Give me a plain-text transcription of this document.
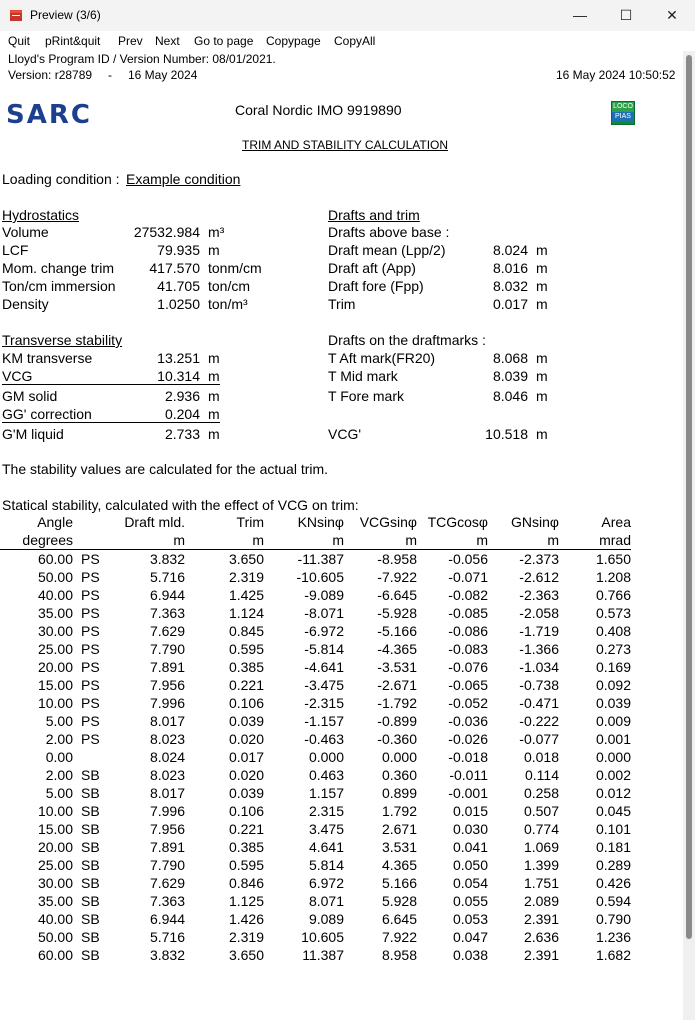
Preview (3/6)	—	☐	✕
Quit pRint&quit Prev Next Go to page Copypage CopyAll
Lloyd's Program ID / Version Number: 08/01/2021.
Version: r28789 - 16 May 2024	16 May 2024 10:50:52
SARC	Coral Nordic IMO 9919890	LOCO
PIAS
TRIM AND STABILITY CALCULATION
Loading condition : Example condition
Hydrostatics
Volume	27532.984 m³
LCF	79.935 m
Mom. change trim	417.570 tonm/cm
Ton/cm immersion	41.705 ton/cm
Density	1.0250 ton/m³
Drafts and trim
Drafts above base :
Draft mean (Lpp/2)	8.024 m
Draft aft (App)	8.016 m
Draft fore (Fpp)	8.032 m
Trim	0.017 m
Transverse stability
KM transverse	13.251 m
VCG	10.314 m
GM solid	2.936 m
GG' correction	0.204 m
G'M liquid	2.733 m
Drafts on the draftmarks :
T Aft mark(FR20)	8.068 m
T Mid mark	8.039 m
T Fore mark	8.046 m
VCG'	10.518 m
The stability values are calculated for the actual trim.
Statical stability, calculated with the effect of VCG on trim:
Angle		Draft mld.	Trim	KNsinφ	VCGsinφ	TCGcosφ	GNsinφ	Area
degrees		m	m	m	m	m	m	mrad
60.00	PS	3.832	3.650	-11.387	-8.958	-0.056	-2.373	1.650
50.00	PS	5.716	2.319	-10.605	-7.922	-0.071	-2.612	1.208
40.00	PS	6.944	1.425	-9.089	-6.645	-0.082	-2.363	0.766
35.00	PS	7.363	1.124	-8.071	-5.928	-0.085	-2.058	0.573
30.00	PS	7.629	0.845	-6.972	-5.166	-0.086	-1.719	0.408
25.00	PS	7.790	0.595	-5.814	-4.365	-0.083	-1.366	0.273
20.00	PS	7.891	0.385	-4.641	-3.531	-0.076	-1.034	0.169
15.00	PS	7.956	0.221	-3.475	-2.671	-0.065	-0.738	0.092
10.00	PS	7.996	0.106	-2.315	-1.792	-0.052	-0.471	0.039
5.00	PS	8.017	0.039	-1.157	-0.899	-0.036	-0.222	0.009
2.00	PS	8.023	0.020	-0.463	-0.360	-0.026	-0.077	0.001
0.00		8.024	0.017	0.000	0.000	-0.018	0.018	0.000
2.00	SB	8.023	0.020	0.463	0.360	-0.011	0.114	0.002
5.00	SB	8.017	0.039	1.157	0.899	-0.001	0.258	0.012
10.00	SB	7.996	0.106	2.315	1.792	0.015	0.507	0.045
15.00	SB	7.956	0.221	3.475	2.671	0.030	0.774	0.101
20.00	SB	7.891	0.385	4.641	3.531	0.041	1.069	0.181
25.00	SB	7.790	0.595	5.814	4.365	0.050	1.399	0.289
30.00	SB	7.629	0.846	6.972	5.166	0.054	1.751	0.426
35.00	SB	7.363	1.125	8.071	5.928	0.055	2.089	0.594
40.00	SB	6.944	1.426	9.089	6.645	0.053	2.391	0.790
50.00	SB	5.716	2.319	10.605	7.922	0.047	2.636	1.236
60.00	SB	3.832	3.650	11.387	8.958	0.038	2.391	1.682
